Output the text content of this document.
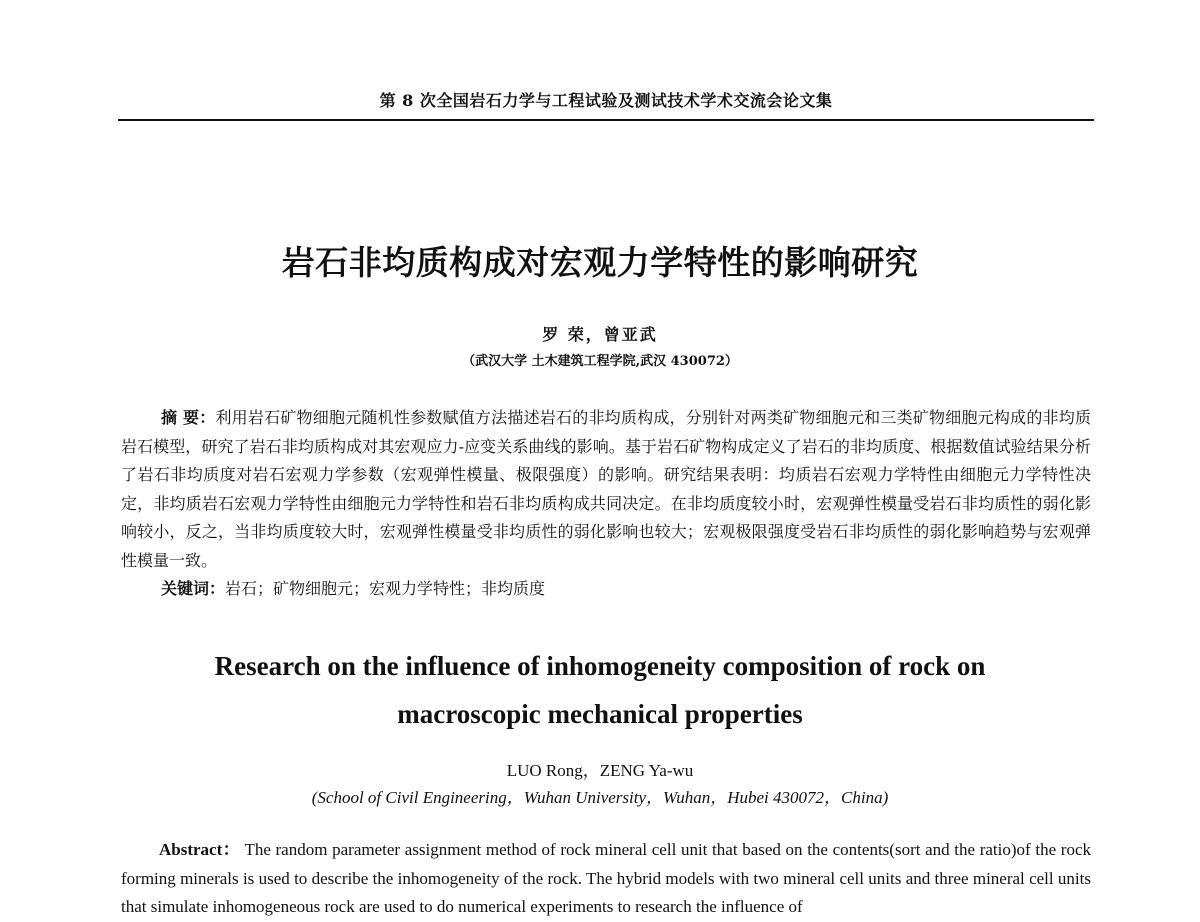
第 8 次全国岩石力学与工程试验及测试技术学术交流会论文集
岩石非均质构成对宏观力学特性的影响研究
罗 荣，曾亚武
（武汉大学 土木建筑工程学院,武汉 430072）

摘 要：利用岩石矿物细胞元随机性参数赋值方法描述岩石的非均质构成，分别针对两类矿物细胞元和三类矿物细胞元构成的非均质岩石模型，研究了岩石非均质构成对其宏观应力-应变关系曲线的影响。基于岩石矿物构成定义了岩石的非均质度、根据数值试验结果分析了岩石非均质度对岩石宏观力学参数（宏观弹性模量、极限强度）的影响。研究结果表明：均质岩石宏观力学特性由细胞元力学特性决定，非均质岩石宏观力学特性由细胞元力学特性和岩石非均质构成共同决定。在非均质度较小时，宏观弹性模量受岩石非均质性的弱化影响较小，反之，当非均质度较大时，宏观弹性模量受非均质性的弱化影响也较大；宏观极限强度受岩石非均质性的弱化影响趋势与宏观弹性模量一致。

关键词：岩石；矿物细胞元；宏观力学特性；非均质度
Research on the influence of inhomogeneity composition of rock on
macroscopic mechanical properties
LUO Rong，ZENG Ya-wu
(School of Civil Engineering，Wuhan University，Wuhan，Hubei 430072，China)

Abstract： The random parameter assignment method of rock mineral cell unit that based on the contents(sort and the ratio)of the rock forming minerals is used to describe the inhomogeneity of the rock. The hybrid models with two mineral cell units and three mineral cell units that simulate inhomogeneous rock are used to do numerical experiments to research the influence of
